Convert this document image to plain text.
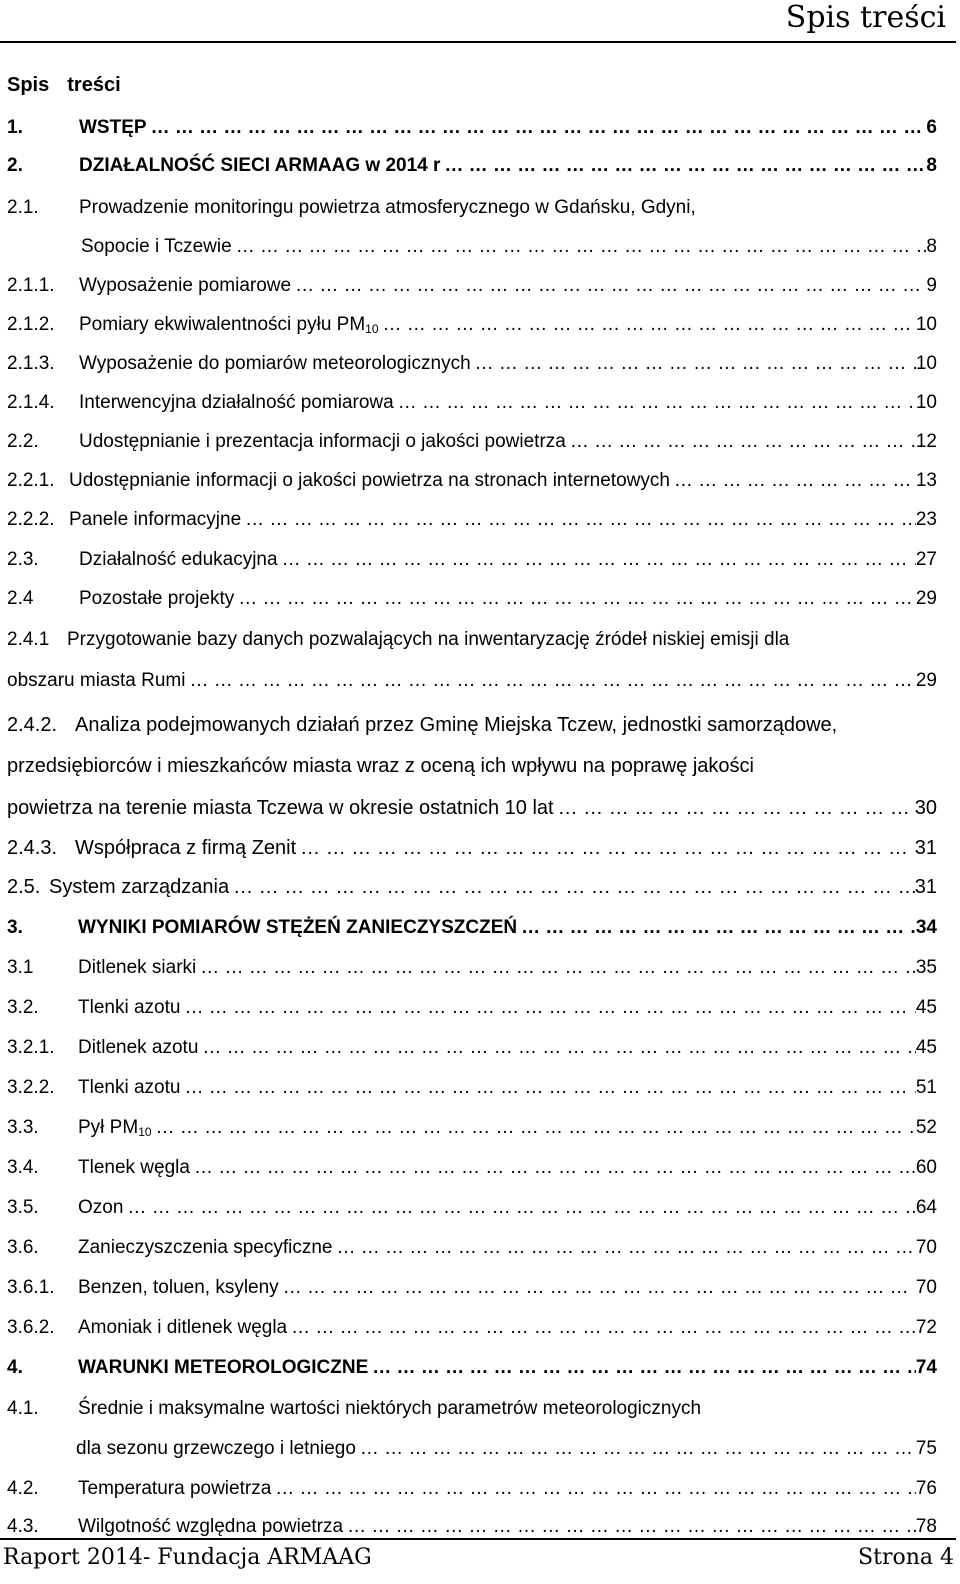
Spis treści
Spis treści
1.	WSTĘP … … … … … … … … … … … … … … … … … … … … … … … … … … … … … … … … … … … … … … … … … … … … …	6
2.	DZIAŁALNOŚĆ SIECI ARMAAG w 2014 r … … … … … … … … … … … … … … … … … … … … … … … … … … … … … … … … … … … … … … … … … … … … …	8
2.1.	Prowadzenie monitoringu powietrza atmosferycznego w Gdańsku, Gdyni,
Sopocie i Tczewie … … … … … … … … … … … … … … … … … … … … … … … … … … … … … … … … … … … … … … … … … … … … …	8
2.1.1.	Wyposażenie pomiarowe … … … … … … … … … … … … … … … … … … … … … … … … … … … … … … … … … … … … … … … … … … … … …	9
2.1.2.	Pomiary ekwiwalentności pyłu $PM_{10}$ … … … … … … … … … … … … … … … … … … … … … … … … … … … … … … … … … … … … … … … … … … … … …	10
2.1.3.	Wyposażenie do pomiarów meteorologicznych … … … … … … … … … … … … … … … … … … … … … … … … … … … … … … … … … … … … … … … … … … … … …	10
2.1.4.	Interwencyjna działalność pomiarowa … … … … … … … … … … … … … … … … … … … … … … … … … … … … … … … … … … … … … … … … … … … … …	10
2.2.	Udostępnianie i prezentacja informacji o jakości powietrza … … … … … … … … … … … … … … … … … … … … … … … … … … … … … … … … … … … … … … … … … … … … …	12
2.2.1. Udostępnianie informacji o jakości powietrza na stronach internetowych … … … … … … … … … … … … … … … … … … … … … … … … … … … … … … … … … … … … … … … … … … … … …	13
2.2.2. Panele informacyjne … … … … … … … … … … … … … … … … … … … … … … … … … … … … … … … … … … … … … … … … … … … … …	23
2.3.	Działalność edukacyjna … … … … … … … … … … … … … … … … … … … … … … … … … … … … … … … … … … … … … … … … … … … … …	27
2.4	Pozostałe projekty … … … … … … … … … … … … … … … … … … … … … … … … … … … … … … … … … … … … … … … … … … … … …	29
2.4.1 Przygotowanie bazy danych pozwalających na inwentaryzację źródeł niskiej emisji dla
obszaru miasta Rumi … … … … … … … … … … … … … … … … … … … … … … … … … … … … … … … … … … … … … … … … … … … … …	29
2.4.2. Analiza podejmowanych działań przez Gminę Miejska Tczew, jednostki samorządowe,
przedsiębiorców i mieszkańców miasta wraz z oceną ich wpływu na poprawę jakości
powietrza na terenie miasta Tczewa w okresie ostatnich 10 lat … … … … … … … … … … … … … … … … … … … … … … … … … … … … … … … … … … … … … … … … … … … … …	30
2.4.3. Współpraca z firmą Zenit … … … … … … … … … … … … … … … … … … … … … … … … … … … … … … … … … … … … … … … … … … … … …	31
2.5. System zarządzania … … … … … … … … … … … … … … … … … … … … … … … … … … … … … … … … … … … … … … … … … … … … …	31
3.	WYNIKI POMIARÓW STĘŻEŃ ZANIECZYSZCZEŃ … … … … … … … … … … … … … … … … … … … … … … … … … … … … … … … … … … … … … … … … … … … … …	34
3.1	Ditlenek siarki … … … … … … … … … … … … … … … … … … … … … … … … … … … … … … … … … … … … … … … … … … … … …	35
3.2.	Tlenki azotu … … … … … … … … … … … … … … … … … … … … … … … … … … … … … … … … … … … … … … … … … … … … …	45
3.2.1.	Ditlenek azotu … … … … … … … … … … … … … … … … … … … … … … … … … … … … … … … … … … … … … … … … … … … … …	45
3.2.2.	Tlenki azotu … … … … … … … … … … … … … … … … … … … … … … … … … … … … … … … … … … … … … … … … … … … … …	51
3.3.	Pył $PM_{10}$ … … … … … … … … … … … … … … … … … … … … … … … … … … … … … … … … … … … … … … … … … … … … …	52
3.4.	Tlenek węgla … … … … … … … … … … … … … … … … … … … … … … … … … … … … … … … … … … … … … … … … … … … … …	60
3.5.	Ozon … … … … … … … … … … … … … … … … … … … … … … … … … … … … … … … … … … … … … … … … … … … … …	64
3.6.	Zanieczyszczenia specyficzne … … … … … … … … … … … … … … … … … … … … … … … … … … … … … … … … … … … … … … … … … … … … …	70
3.6.1.	Benzen, toluen, ksyleny … … … … … … … … … … … … … … … … … … … … … … … … … … … … … … … … … … … … … … … … … … … … …	70
3.6.2.	Amoniak i ditlenek węgla … … … … … … … … … … … … … … … … … … … … … … … … … … … … … … … … … … … … … … … … … … … … …	72
4.	WARUNKI METEOROLOGICZNE … … … … … … … … … … … … … … … … … … … … … … … … … … … … … … … … … … … … … … … … … … … … …	74
4.1.	Średnie i maksymalne wartości niektórych parametrów meteorologicznych
dla sezonu grzewczego i letniego … … … … … … … … … … … … … … … … … … … … … … … … … … … … … … … … … … … … … … … … … … … … …	75
4.2.	Temperatura powietrza … … … … … … … … … … … … … … … … … … … … … … … … … … … … … … … … … … … … … … … … … … … … …	76
4.3.	Wilgotność względna powietrza … … … … … … … … … … … … … … … … … … … … … … … … … … … … … … … … … … … … … … … … … … … … …	78
Raport 2014- Fundacja ARMAAG	Strona 4
